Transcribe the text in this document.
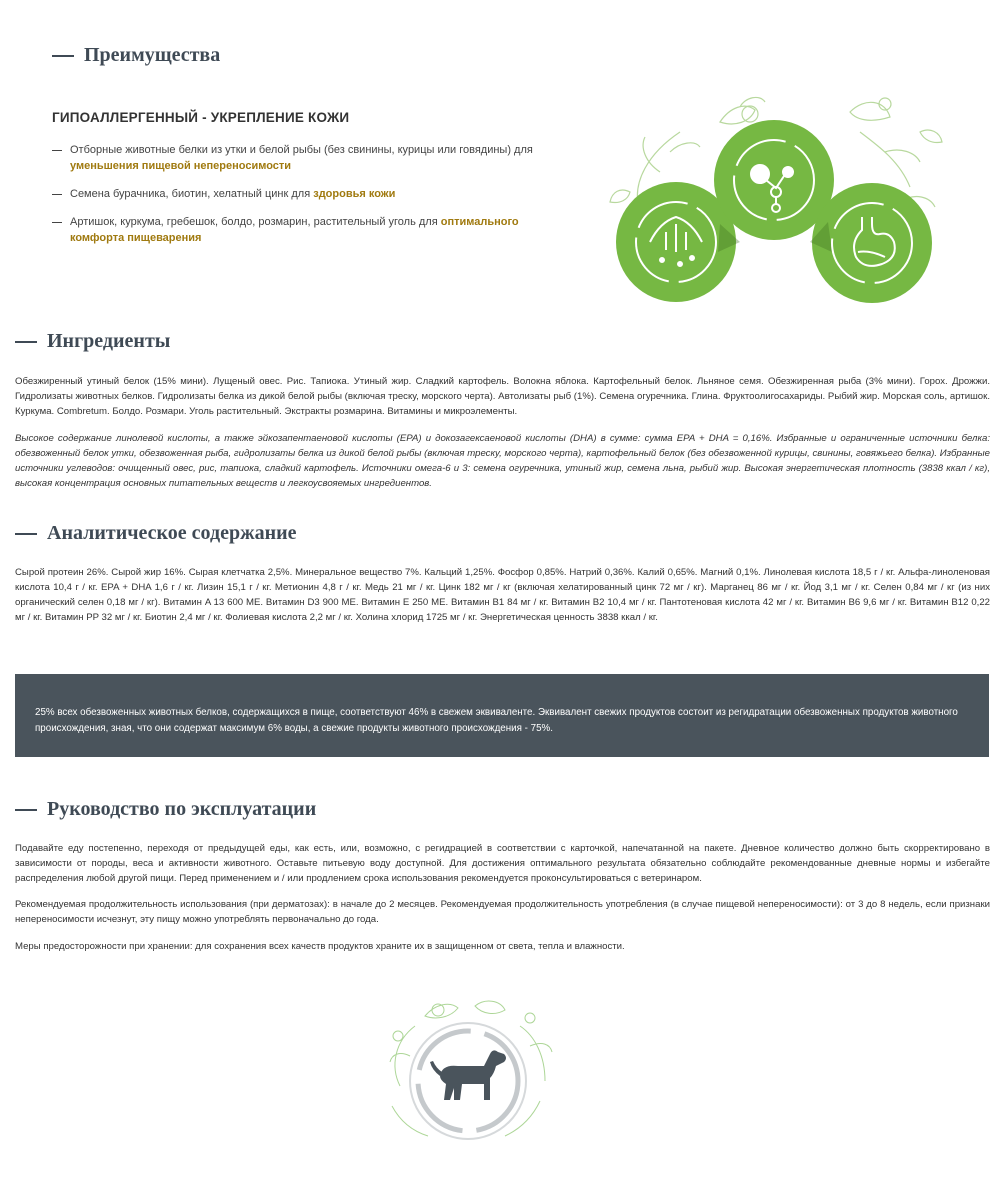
Преимущества
ГИПОАЛЛЕРГЕННЫЙ - УКРЕПЛЕНИЕ КОЖИ
Отборные животные белки из утки и белой рыбы (без свинины, курицы или говядины) для уменьшения пищевой непереносимости
Семена бурачника, биотин, хелатный цинк для здоровья кожи
Артишок, куркума, гребешок, болдо, розмарин, растительный уголь для оптимального комфорта пищеварения
Ингредиенты

Обезжиренный утиный белок (15% мини). Лущеный овес. Рис. Тапиока. Утиный жир. Сладкий картофель. Волокна яблока. Картофельный белок. Льняное семя. Обезжиренная рыба (3% мини). Горох. Дрожжи. Гидролизаты животных белков. Гидролизаты белка из дикой белой рыбы (включая треску, морского черта). Автолизаты рыб (1%). Семена огуречника. Глина. Фруктоолигосахариды. Рыбий жир. Морская соль, артишок. Куркума. Combretum. Болдо. Розмари. Уголь растительный. Экстракты розмарина. Витамины и микроэлементы.

Высокое содержание линолевой кислоты, а также эйкозапентаеновой кислоты (EPA) и докозагексаеновой кислоты (DHA) в сумме: сумма EPA + DHA = 0,16%. Избранные и ограниченные источники белка: обезвоженный белок утки, обезвоженная рыба, гидролизаты белка из дикой белой рыбы (включая треску, морского черта), картофельный белок (без обезвоженной курицы, свинины, говяжьего белка). Избранные источники углеводов: очищенный овес, рис, тапиока, сладкий картофель. Источники омега-6 и 3: семена огуречника, утиный жир, семена льна, рыбий жир. Высокая энергетическая плотность (3838 ккал / кг), высокая концентрация основных питательных веществ и легкоусвояемых ингредиентов.

Аналитическое содержание

Сырой протеин 26%. Сырой жир 16%. Сырая клетчатка 2,5%. Минеральное вещество 7%. Кальций 1,25%. Фосфор 0,85%. Натрий 0,36%. Калий 0,65%. Магний 0,1%. Линолевая кислота 18,5 г / кг. Альфа-линоленовая кислота 10,4 г / кг. EPA + DHA 1,6 г / кг. Лизин 15,1 г / кг. Метионин 4,8 г / кг. Медь 21 мг / кг. Цинк 182 мг / кг (включая хелатированный цинк 72 мг / кг). Марганец 86 мг / кг. Йод 3,1 мг / кг. Селен 0,84 мг / кг (из них органический селен 0,18 мг / кг). Витамин A 13 600 МЕ. Витамин D3 900 МЕ. Витамин E 250 МЕ. Витамин B1 84 мг / кг. Витамин B2 10,4 мг / кг. Пантотеновая кислота 42 мг / кг. Витамин B6 9,6 мг / кг. Витамин B12 0,22 мг / кг. Витамин PP 32 мг / кг. Биотин 2,4 мг / кг. Фолиевая кислота 2,2 мг / кг. Холина хлорид 1725 мг / кг. Энергетическая ценность 3838 ккал / кг.

25% всех обезвоженных животных белков, содержащихся в пище, соответствуют 46% в свежем эквиваленте. Эквивалент свежих продуктов состоит из регидратации обезвоженных продуктов животного происхождения, зная, что они содержат максимум 6% воды, а свежие продукты животного происхождения - 75%.
Руководство по эксплуатации

Подавайте еду постепенно, переходя от предыдущей еды, как есть, или, возможно, с регидрацией в соответствии с карточкой, напечатанной на пакете. Дневное количество должно быть скорректировано в зависимости от породы, веса и активности животного. Оставьте питьевую воду доступной. Для достижения оптимального результата обязательно соблюдайте рекомендованные дневные нормы и избегайте распределения любой другой пищи. Перед применением и / или продлением срока использования рекомендуется проконсультироваться с ветеринаром.

Рекомендуемая продолжительность использования (при дерматозах): в начале до 2 месяцев. Рекомендуемая продолжительность употребления (в случае пищевой непереносимости): от 3 до 8 недель, если признаки непереносимости исчезнут, эту пищу можно употреблять первоначально до года.

Меры предосторожности при хранении: для сохранения всех качеств продуктов храните их в защищенном от света, тепла и влажности.
